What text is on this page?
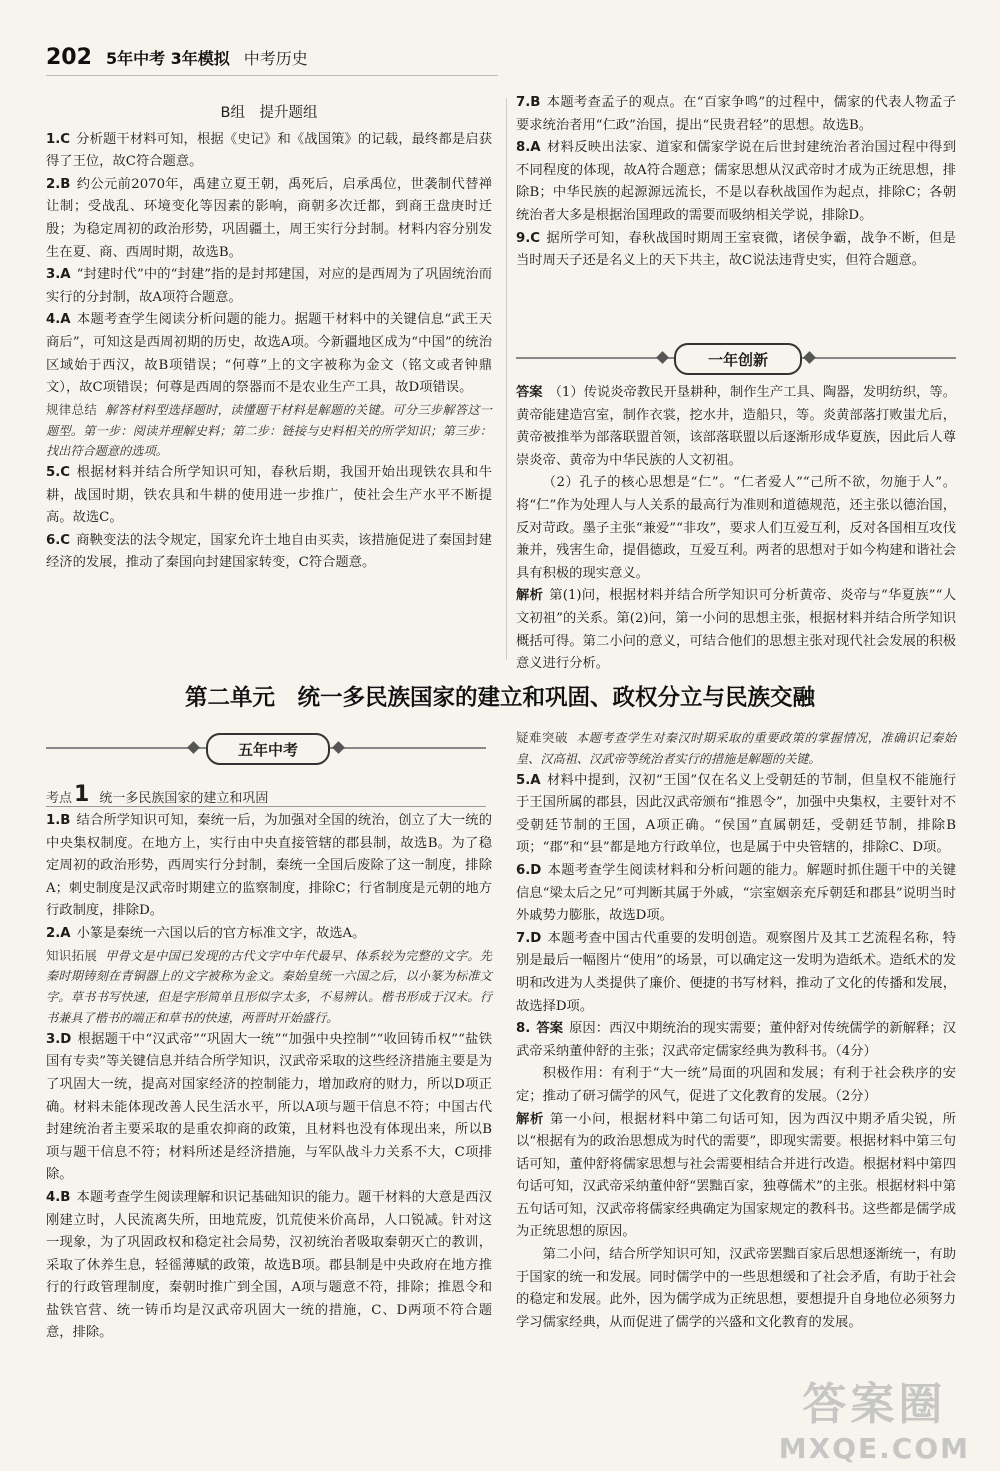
202 5年中考 3年模拟 中考历史
B组　提升题组

1.C 分析题干材料可知，根据《史记》和《战国策》的记载，最终都是启获得了王位，故C符合题意。

2.B 约公元前2070年，禹建立夏王朝，禹死后，启承禹位，世袭制代替禅让制；受战乱、环境变化等因素的影响，商朝多次迁都，到商王盘庚时迁殷；为稳定周初的政治形势，巩固疆土，周王实行分封制。材料内容分别发生在夏、商、西周时期，故选B。

3.A “封建时代”中的“封建”指的是封邦建国，对应的是西周为了巩固统治而实行的分封制，故A项符合题意。

4.A 本题考查学生阅读分析问题的能力。据题干材料中的关键信息“武王天商后”，可知这是西周初期的历史，故选A项。今新疆地区成为“中国”的统治区域始于西汉，故B项错误；“何尊”上的文字被称为金文（铭文或者钟鼎文），故C项错误；何尊是西周的祭器而不是农业生产工具，故D项错误。

规律总结 解答材料型选择题时，读懂题干材料是解题的关键。可分三步解答这一题型。第一步：阅读并理解史料；第二步：链接与史料相关的所学知识；第三步：找出符合题意的选项。

5.C 根据材料并结合所学知识可知，春秋后期，我国开始出现铁农具和牛耕，战国时期，铁农具和牛耕的使用进一步推广，使社会生产水平不断提高。故选C。

6.C 商鞅变法的法令规定，国家允许土地自由买卖，该措施促进了秦国封建经济的发展，推动了秦国向封建国家转变，C符合题意。

7.B 本题考查孟子的观点。在“百家争鸣”的过程中，儒家的代表人物孟子要求统治者用“仁政”治国，提出“民贵君轻”的思想。故选B。

8.A 材料反映出法家、道家和儒家学说在后世封建统治者治国过程中得到不同程度的体现，故A符合题意；儒家思想从汉武帝时才成为正统思想，排除B；中华民族的起源源远流长，不是以春秋战国作为起点，排除C；各朝统治者大多是根据治国理政的需要而吸纳相关学说，排除D。

9.C 据所学可知，春秋战国时期周王室衰微，诸侯争霸，战争不断，但是当时周天子还是名义上的天下共主，故C说法违背史实，但符合题意。

一年创新

答案 （1）传说炎帝教民开垦耕种，制作生产工具、陶器，发明纺织，等。黄帝能建造宫室，制作衣裳，挖水井，造船只，等。炎黄部落打败蚩尤后，黄帝被推举为部落联盟首领，该部落联盟以后逐渐形成华夏族，因此后人尊崇炎帝、黄帝为中华民族的人文初祖。

（2）孔子的核心思想是“仁”。“仁者爱人”“己所不欲，勿施于人”。将“仁”作为处理人与人关系的最高行为准则和道德规范，还主张以德治国，反对苛政。墨子主张“兼爱”“非攻”，要求人们互爱互利，反对各国相互攻伐兼并，残害生命，提倡德政，互爱互利。两者的思想对于如今构建和谐社会具有积极的现实意义。

解析 第(1)问，根据材料并结合所学知识可分析黄帝、炎帝与“华夏族”“人文初祖”的关系。第(2)问，第一小问的思想主张，根据材料并结合所学知识概括可得。第二小问的意义，可结合他们的思想主张对现代社会发展的积极意义进行分析。

第二单元　统一多民族国家的建立和巩固、政权分立与民族交融
五年中考
考点 1 统一多民族国家的建立和巩固

1.B 结合所学知识可知，秦统一后，为加强对全国的统治，创立了大一统的中央集权制度。在地方上，实行由中央直接管辖的郡县制，故选B。为了稳定周初的政治形势，西周实行分封制，秦统一全国后废除了这一制度，排除A；刺史制度是汉武帝时期建立的监察制度，排除C；行省制度是元朝的地方行政制度，排除D。

2.A 小篆是秦统一六国以后的官方标准文字，故选A。

知识拓展 甲骨文是中国已发现的古代文字中年代最早、体系较为完整的文字。先秦时期铸刻在青铜器上的文字被称为金文。秦始皇统一六国之后，以小篆为标准文字。草书书写快速，但是字形简单且形似字太多，不易辨认。楷书形成于汉末。行书兼具了楷书的端正和草书的快速，两晋时开始盛行。

3.D 根据题干中“汉武帝”“巩固大一统”“加强中央控制”“收回铸币权”“盐铁国有专卖”等关键信息并结合所学知识，汉武帝采取的这些经济措施主要是为了巩固大一统，提高对国家经济的控制能力，增加政府的财力，所以D项正确。材料未能体现改善人民生活水平，所以A项与题干信息不符；中国古代封建统治者主要采取的是重农抑商的政策，且材料也没有体现出来，所以B项与题干信息不符；材料所述是经济措施，与军队战斗力关系不大，C项排除。

4.B 本题考查学生阅读理解和识记基础知识的能力。题干材料的大意是西汉刚建立时，人民流离失所，田地荒废，饥荒使米价高昂，人口锐减。针对这一现象，为了巩固政权和稳定社会局势，汉初统治者吸取秦朝灭亡的教训，采取了休养生息，轻徭薄赋的政策，故选B项。郡县制是中央政府在地方推行的行政管理制度，秦朝时推广到全国，A项与题意不符，排除；推恩令和盐铁官营、统一铸币均是汉武帝巩固大一统的措施，C、D两项不符合题意，排除。

疑难突破 本题考查学生对秦汉时期采取的重要政策的掌握情况，准确识记秦始皇、汉高祖、汉武帝等统治者实行的措施是解题的关键。

5.A 材料中提到，汉初“王国”仅在名义上受朝廷的节制，但皇权不能施行于王国所属的郡县，因此汉武帝颁布“推恩令”，加强中央集权，主要针对不受朝廷节制的王国，A项正确。“侯国”直属朝廷，受朝廷节制，排除B项；“郡”和“县”都是地方行政单位，也是属于中央管辖的，排除C、D项。

6.D 本题考查学生阅读材料和分析问题的能力。解题时抓住题干中的关键信息“梁太后之兄”可判断其属于外戚，“宗室姻亲充斥朝廷和郡县”说明当时外戚势力膨胀，故选D项。

7.D 本题考查中国古代重要的发明创造。观察图片及其工艺流程名称，特别是最后一幅图片“使用”的场景，可以确定这一发明为造纸术。造纸术的发明和改进为人类提供了廉价、便捷的书写材料，推动了文化的传播和发展，故选择D项。

8. 答案 原因：西汉中期统治的现实需要；董仲舒对传统儒学的新解释；汉武帝采纳董仲舒的主张；汉武帝定儒家经典为教科书。（4分）

积极作用：有利于“大一统”局面的巩固和发展；有利于社会秩序的安定；推动了研习儒学的风气，促进了文化教育的发展。（2分）

解析 第一小问，根据材料中第二句话可知，因为西汉中期矛盾尖锐，所以“根据有为的政治思想成为时代的需要”，即现实需要。根据材料中第三句话可知，董仲舒将儒家思想与社会需要相结合并进行改造。根据材料中第四句话可知，汉武帝采纳董仲舒“罢黜百家，独尊儒术”的主张。根据材料中第五句话可知，汉武帝将儒家经典确定为国家规定的教科书。这些都是儒学成为正统思想的原因。

第二小问，结合所学知识可知，汉武帝罢黜百家后思想逐渐统一，有助于国家的统一和发展。同时儒学中的一些思想缓和了社会矛盾，有助于社会的稳定和发展。此外，因为儒学成为正统思想，要想提升自身地位必须努力学习儒家经典，从而促进了儒学的兴盛和文化教育的发展。

答案圈
MXQE.COM
